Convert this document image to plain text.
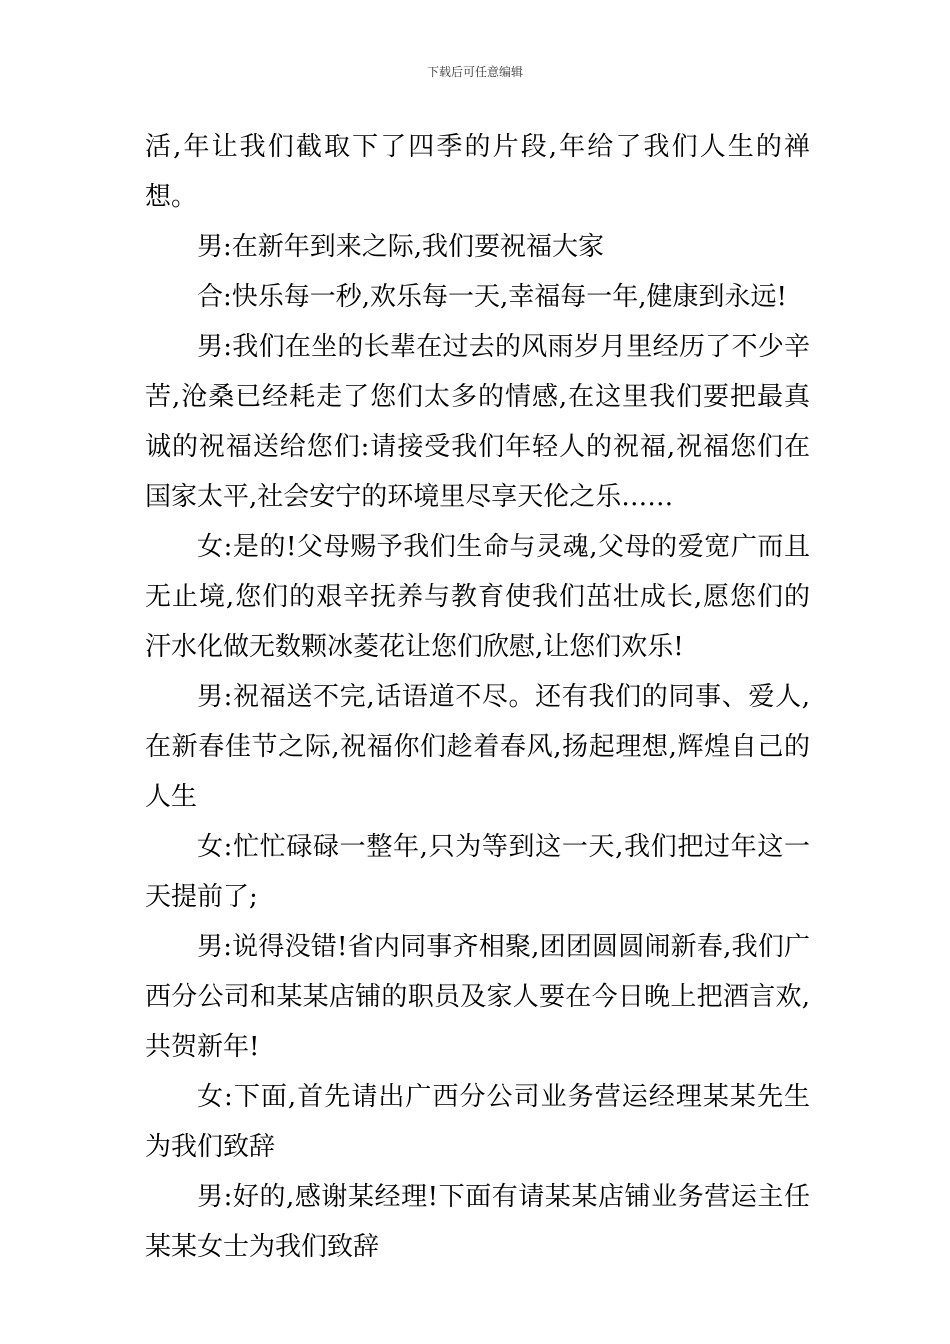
下载后可任意编辑

活,年让我们截取下了四季的片段,年给了我们人生的禅想。

男:在新年到来之际,我们要祝福大家

合:快乐每一秒,欢乐每一天,幸福每一年,健康到永远!

男:我们在坐的长辈在过去的风雨岁月里经历了不少辛苦,沧桑已经耗走了您们太多的情感,在这里我们要把最真诚的祝福送给您们:请接受我们年轻人的祝福,祝福您们在国家太平,社会安宁的环境里尽享天伦之乐……

女:是的!父母赐予我们生命与灵魂,父母的爱宽广而且无止境,您们的艰辛抚养与教育使我们茁壮成长,愿您们的汗水化做无数颗冰菱花让您们欣慰,让您们欢乐!

男:祝福送不完,话语道不尽。还有我们的同事、爱人,在新春佳节之际,祝福你们趁着春风,扬起理想,辉煌自己的人生

女:忙忙碌碌一整年,只为等到这一天,我们把过年这一天提前了;

男:说得没错!省内同事齐相聚,团团圆圆闹新春,我们广西分公司和某某店铺的职员及家人要在今日晚上把酒言欢,共贺新年!

女:下面,首先请出广西分公司业务营运经理某某先生为我们致辞

男:好的,感谢某经理!下面有请某某店铺业务营运主任某某女士为我们致辞
